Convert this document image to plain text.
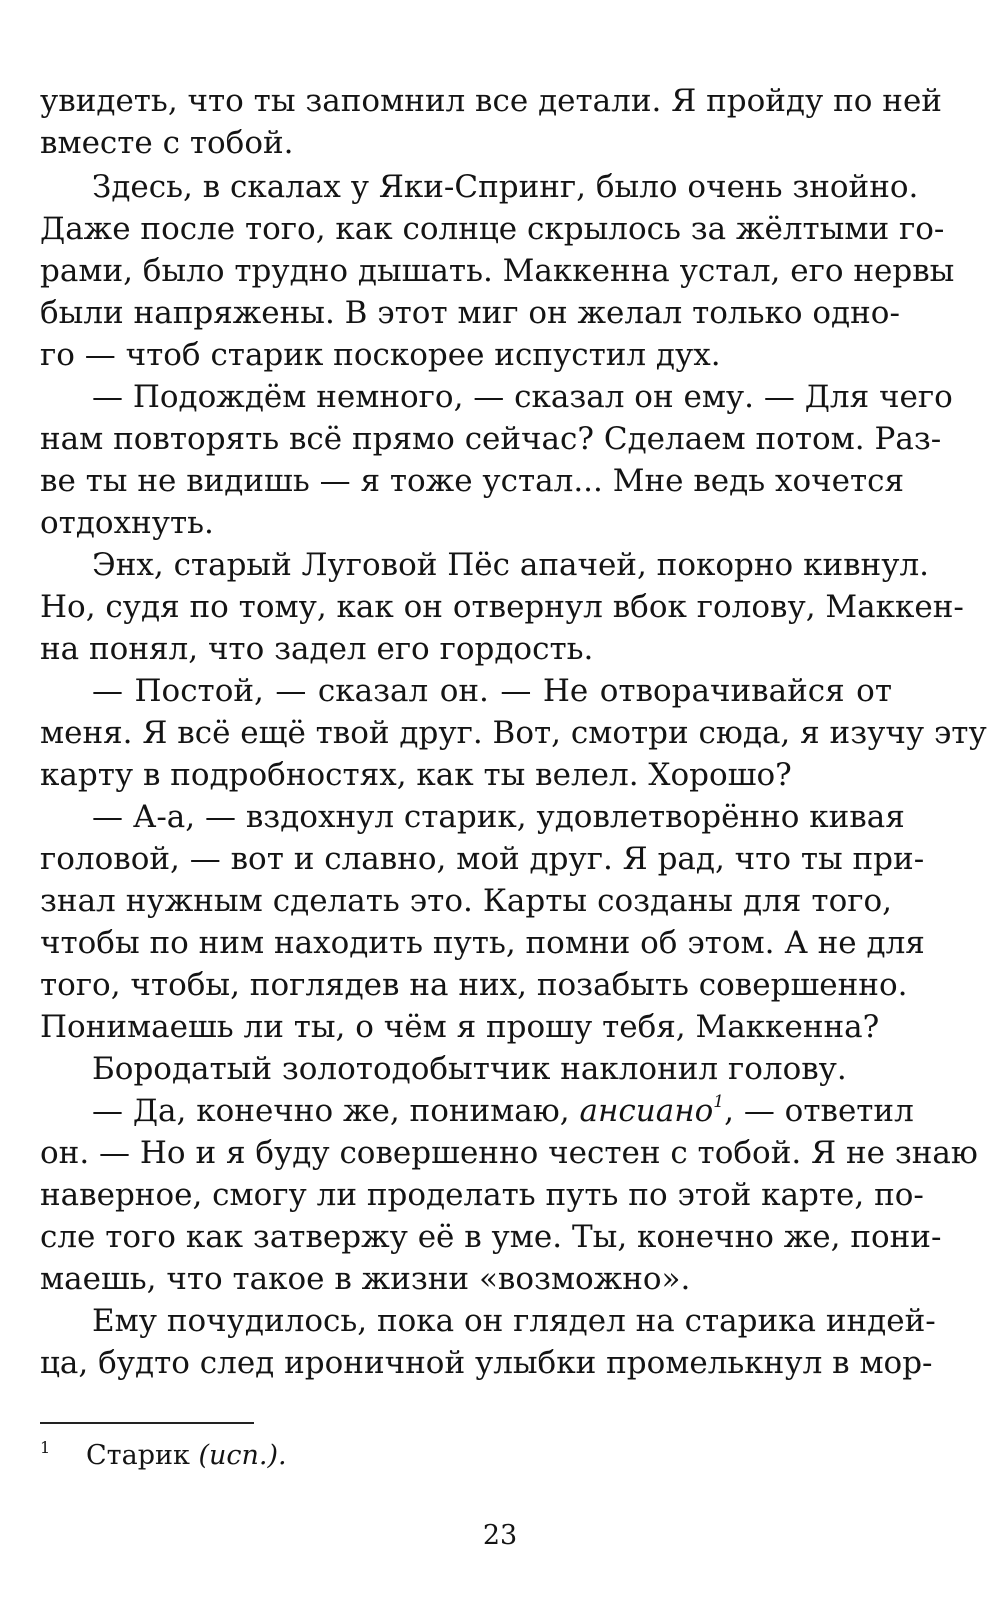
увидеть, что ты запомнил все детали. Я пройду по ней
вместе с тобой.
Здесь, в скалах у Яки-Спринг, было очень знойно.
Даже после того, как солнце скрылось за жёлтыми го-
рами, было трудно дышать. Маккенна устал, его нервы
были напряжены. В этот миг он желал только одно-
го — чтоб старик поскорее испустил дух.
— Подождём немного, — сказал он ему. — Для чего
нам повторять всё прямо сейчас? Сделаем потом. Раз-
ве ты не видишь — я тоже устал... Мне ведь хочется
отдохнуть.
Энх, старый Луговой Пёс апачей, покорно кивнул.
Но, судя по тому, как он отвернул вбок голову, Маккен-
на понял, что задел его гордость.
— Постой, — сказал он. — Не отворачивайся от
меня. Я всё ещё твой друг. Вот, смотри сюда, я изучу эту
карту в подробностях, как ты велел. Хорошо?
— А-а, — вздохнул старик, удовлетворённо кивая
головой, — вот и славно, мой друг. Я рад, что ты при-
знал нужным сделать это. Карты созданы для того,
чтобы по ним находить путь, помни об этом. А не для
того, чтобы, поглядев на них, позабыть совершенно.
Понимаешь ли ты, о чём я прошу тебя, Маккенна?
Бородатый золотодобытчик наклонил голову.
— Да, конечно же, понимаю, ансиано$^1$, — ответил
он. — Но и я буду совершенно честен с тобой. Я не знаю
наверное, смогу ли проделать путь по этой карте, по-
сле того как затвержу её в уме. Ты, конечно же, пони-
маешь, что такое в жизни «возможно».
Ему почудилось, пока он глядел на старика индей-
ца, будто след ироничной улыбки промелькнул в мор-
1 Старик (исп.).
23
